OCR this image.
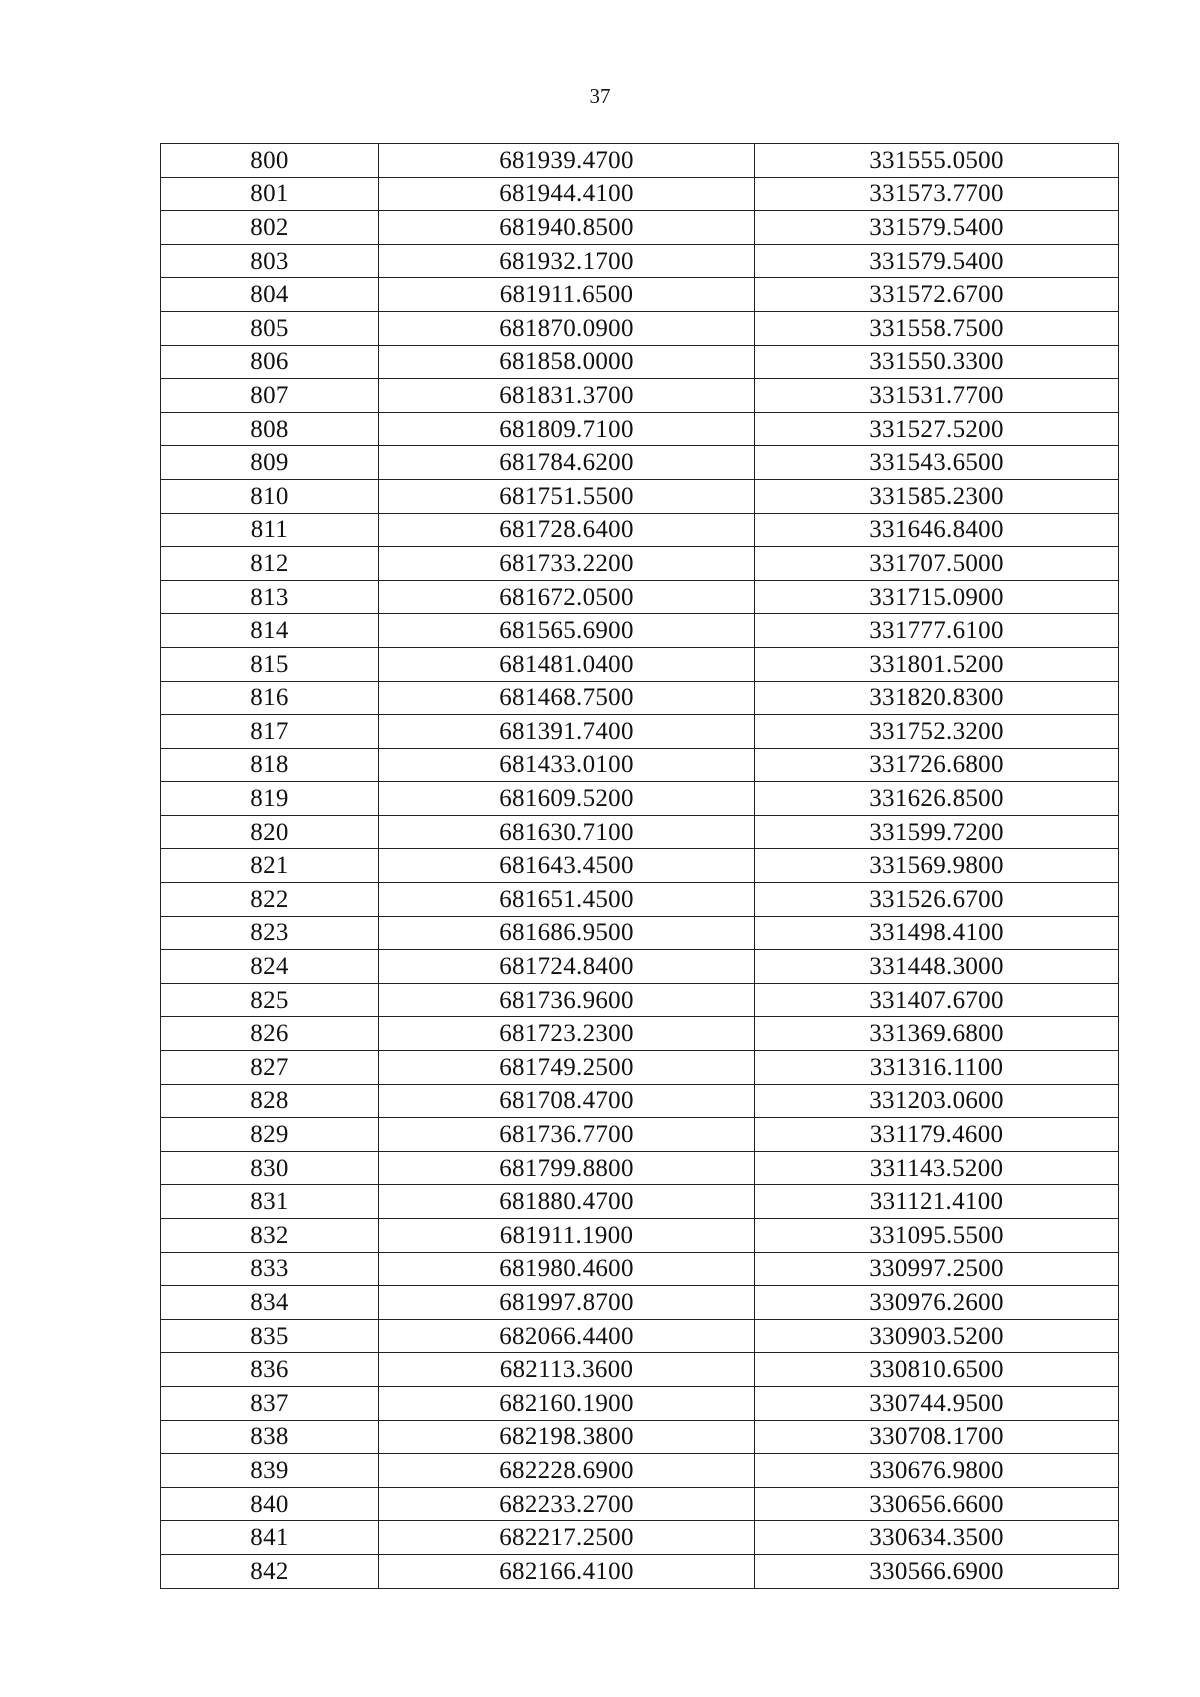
37
800	681939.4700	331555.0500
801	681944.4100	331573.7700
802	681940.8500	331579.5400
803	681932.1700	331579.5400
804	681911.6500	331572.6700
805	681870.0900	331558.7500
806	681858.0000	331550.3300
807	681831.3700	331531.7700
808	681809.7100	331527.5200
809	681784.6200	331543.6500
810	681751.5500	331585.2300
811	681728.6400	331646.8400
812	681733.2200	331707.5000
813	681672.0500	331715.0900
814	681565.6900	331777.6100
815	681481.0400	331801.5200
816	681468.7500	331820.8300
817	681391.7400	331752.3200
818	681433.0100	331726.6800
819	681609.5200	331626.8500
820	681630.7100	331599.7200
821	681643.4500	331569.9800
822	681651.4500	331526.6700
823	681686.9500	331498.4100
824	681724.8400	331448.3000
825	681736.9600	331407.6700
826	681723.2300	331369.6800
827	681749.2500	331316.1100
828	681708.4700	331203.0600
829	681736.7700	331179.4600
830	681799.8800	331143.5200
831	681880.4700	331121.4100
832	681911.1900	331095.5500
833	681980.4600	330997.2500
834	681997.8700	330976.2600
835	682066.4400	330903.5200
836	682113.3600	330810.6500
837	682160.1900	330744.9500
838	682198.3800	330708.1700
839	682228.6900	330676.9800
840	682233.2700	330656.6600
841	682217.2500	330634.3500
842	682166.4100	330566.6900
